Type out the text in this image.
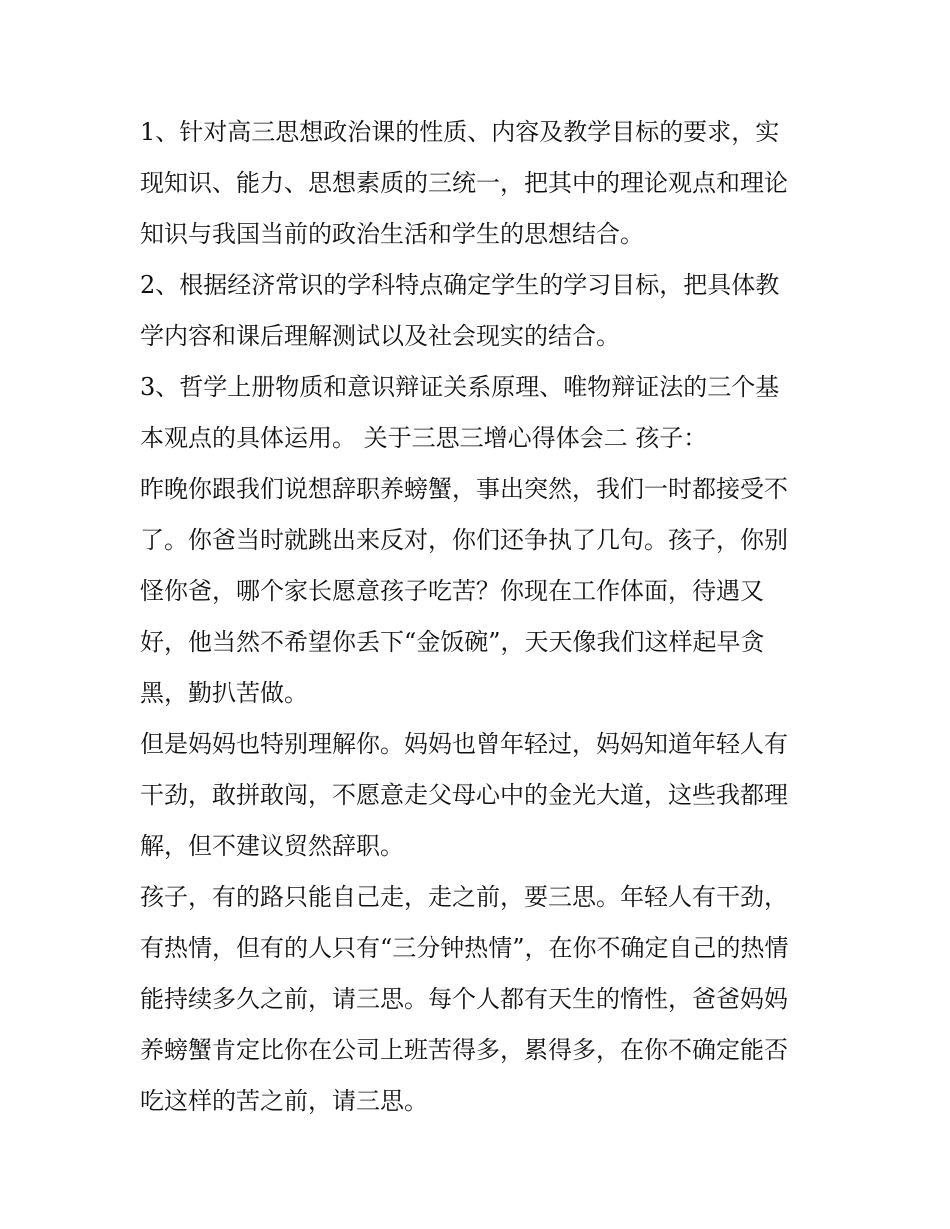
1、针对高三思想政治课的性质、内容及教学目标的要求，实
现知识、能力、思想素质的三统一，把其中的理论观点和理论
知识与我国当前的政治生活和学生的思想结合。
2、根据经济常识的学科特点确定学生的学习目标，把具体教
学内容和课后理解测试以及社会现实的结合。
3、哲学上册物质和意识辩证关系原理、唯物辩证法的三个基
本观点的具体运用。 关于三思三增心得体会二 孩子：
昨晚你跟我们说想辞职养螃蟹，事出突然，我们一时都接受不
了。你爸当时就跳出来反对，你们还争执了几句。孩子，你别
怪你爸，哪个家长愿意孩子吃苦？你现在工作体面，待遇又
好，他当然不希望你丢下“金饭碗”，天天像我们这样起早贪
黑，勤扒苦做。
但是妈妈也特别理解你。妈妈也曾年轻过，妈妈知道年轻人有
干劲，敢拼敢闯，不愿意走父母心中的金光大道，这些我都理
解，但不建议贸然辞职。
孩子，有的路只能自己走，走之前，要三思。年轻人有干劲，
有热情，但有的人只有“三分钟热情”，在你不确定自己的热情
能持续多久之前，请三思。每个人都有天生的惰性，爸爸妈妈
养螃蟹肯定比你在公司上班苦得多，累得多，在你不确定能否
吃这样的苦之前，请三思。
